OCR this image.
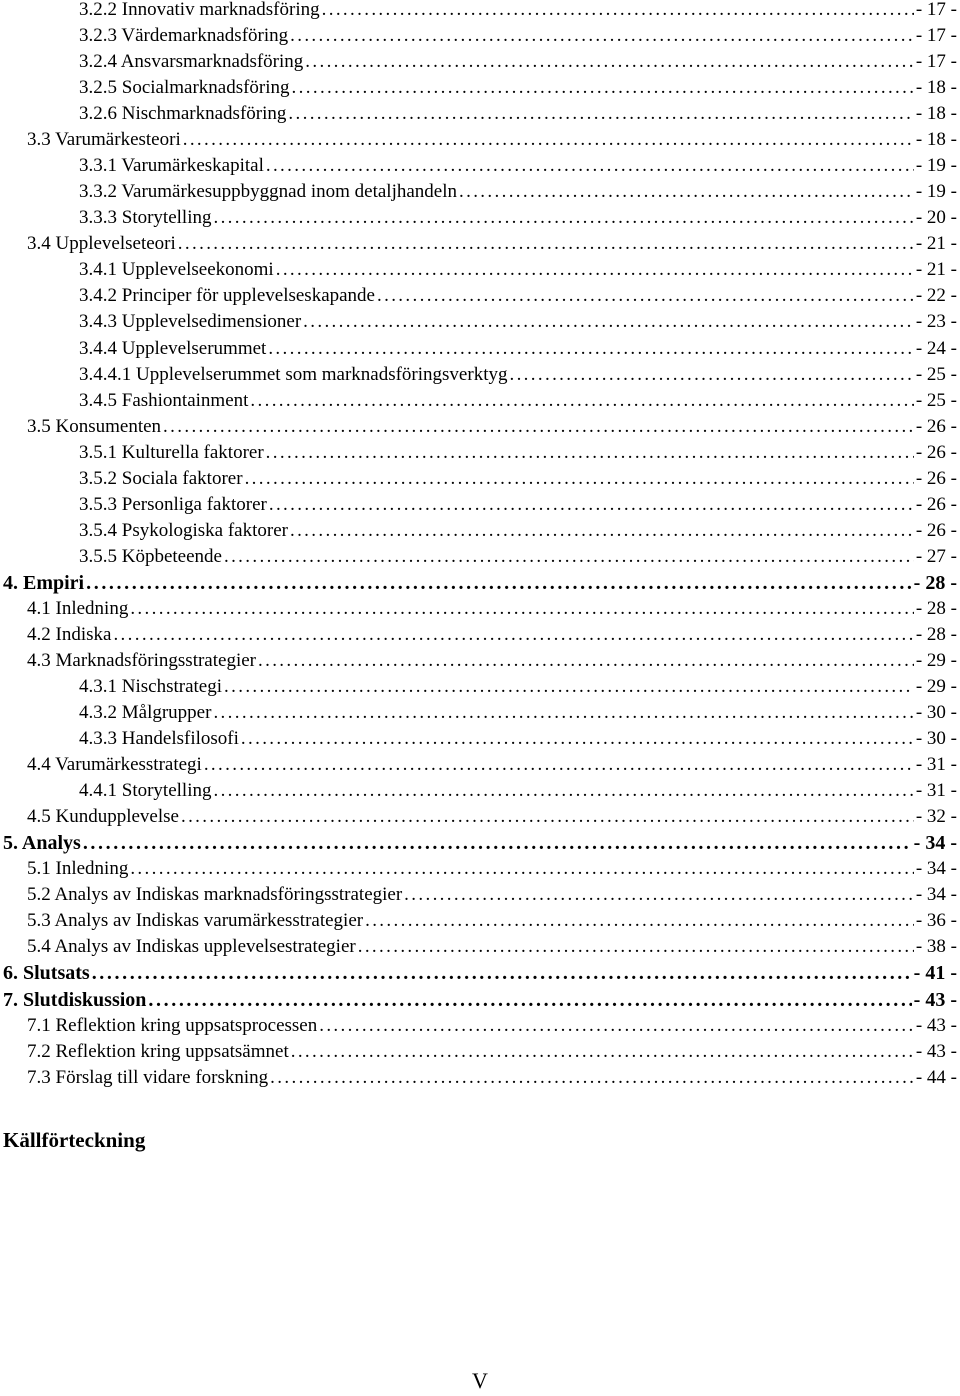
3.2.2 Innovativ marknadsföring . . .	- 17 -
3.2.3 Värdemarknadsföring . . .	- 17 -
3.2.4 Ansvarsmarknadsföring . . .	- 17 -
3.2.5 Socialmarknadsföring . . .	- 18 -
3.2.6 Nischmarknadsföring . . .	- 18 -
3.3 Varumärkesteori . . .	- 18 -
3.3.1 Varumärkeskapital . . .	- 19 -
3.3.2 Varumärkesuppbyggnad inom detaljhandeln . . .	- 19 -
3.3.3 Storytelling . . .	- 20 -
3.4 Upplevelseteori . . .	- 21 -
3.4.1 Upplevelseekonomi . . .	- 21 -
3.4.2 Principer för upplevelseskapande . . .	- 22 -
3.4.3 Upplevelsedimensioner . . .	- 23 -
3.4.4 Upplevelserummet . . .	- 24 -
3.4.4.1 Upplevelserummet som marknadsföringsverktyg . . .	- 25 -
3.4.5 Fashiontainment . . .	- 25 -
3.5 Konsumenten . . .	- 26 -
3.5.1 Kulturella faktorer . . .	- 26 -
3.5.2 Sociala faktorer . . .	- 26 -
3.5.3 Personliga faktorer . . .	- 26 -
3.5.4 Psykologiska faktorer . . .	- 26 -
3.5.5 Köpbeteende . . .	- 27 -
4. Empiri . . .	- 28 -
4.1 Inledning . . .	- 28 -
4.2 Indiska . . .	- 28 -
4.3 Marknadsföringsstrategier . . .	- 29 -
4.3.1 Nischstrategi . . .	- 29 -
4.3.2 Målgrupper . . .	- 30 -
4.3.3 Handelsfilosofi . . .	- 30 -
4.4 Varumärkesstrategi . . .	- 31 -
4.4.1 Storytelling . . .	- 31 -
4.5 Kundupplevelse . . .	- 32 -
5. Analys . . .	- 34 -
5.1 Inledning . . .	- 34 -
5.2 Analys av Indiskas marknadsföringsstrategier . . .	- 34 -
5.3 Analys av Indiskas varumärkesstrategier . . .	- 36 -
5.4 Analys av Indiskas upplevelsestrategier . . .	- 38 -
6. Slutsats . . .	- 41 -
7. Slutdiskussion . . .	- 43 -
7.1 Reflektion kring uppsatsprocessen . . .	- 43 -
7.2 Reflektion kring uppsatsämnet . . .	- 43 -
7.3 Förslag till vidare forskning . . .	- 44 -
Källförteckning
V
